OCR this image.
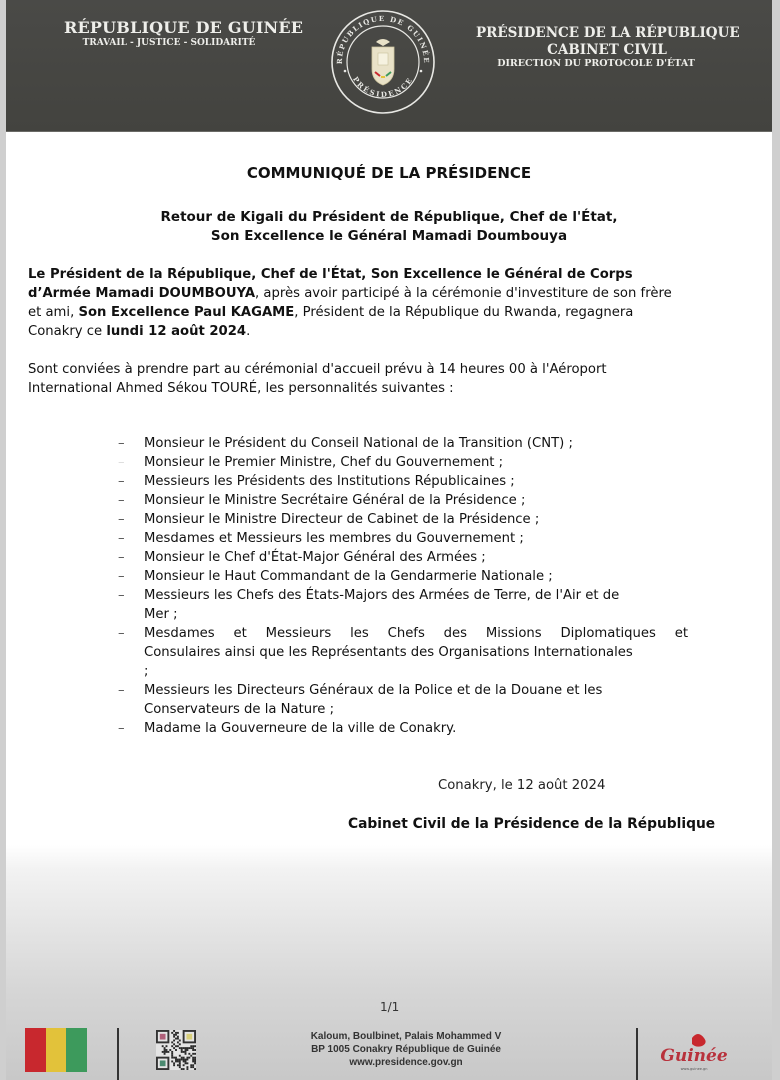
RÉPUBLIQUE DE GUINÉE
TRAVAIL - JUSTICE - SOLIDARITÉ
RÉPUBLIQUE DE GUINÉE
PRÉSIDENCE
PRÉSIDENCE DE LA RÉPUBLIQUE
CABINET CIVIL
DIRECTION DU PROTOCOLE D'ÉTAT
COMMUNIQUÉ DE LA PRÉSIDENCE
Retour de Kigali du Président de République, Chef de l'État,
Son Excellence le Général Mamadi Doumbouya
Le Président de la République, Chef de l'État, Son Excellence le Général de Corps
d’Armée Mamadi DOUMBOUYA, après avoir participé à la cérémonie d'investiture de son frère
et ami, Son Excellence Paul KAGAME, Président de la République du Rwanda, regagnera
Conakry ce lundi 12 août 2024.
Sont conviées à prendre part au cérémonial d'accueil prévu à 14 heures 00 à l'Aéroport
International Ahmed Sékou TOURÉ, les personnalités suivantes :
– Monsieur le Président du Conseil National de la Transition (CNT) ;
– Monsieur le Premier Ministre, Chef du Gouvernement ;
– Messieurs les Présidents des Institutions Républicaines ;
– Monsieur le Ministre Secrétaire Général de la Présidence ;
– Monsieur le Ministre Directeur de Cabinet de la Présidence ;
– Mesdames et Messieurs les membres du Gouvernement ;
– Monsieur le Chef d'État-Major Général des Armées ;
– Monsieur le Haut Commandant de la Gendarmerie Nationale ;
– Messieurs les Chefs des États-Majors des Armées de Terre, de l'Air et de
Mer ;
– Mesdames et Messieurs les Chefs des Missions Diplomatiques et
Consulaires ainsi que les Représentants des Organisations Internationales
;
– Messieurs les Directeurs Généraux de la Police et de la Douane et les
Conservateurs de la Nature ;
– Madame la Gouverneure de la ville de Conakry.
Conakry, le 12 août 2024
Cabinet Civil de la Présidence de la République
1/1
Kaloum, Boulbinet, Palais Mohammed V
BP 1005 Conakry République de Guinée
www.presidence.gov.gn	Guinée
www.guinee.gn
